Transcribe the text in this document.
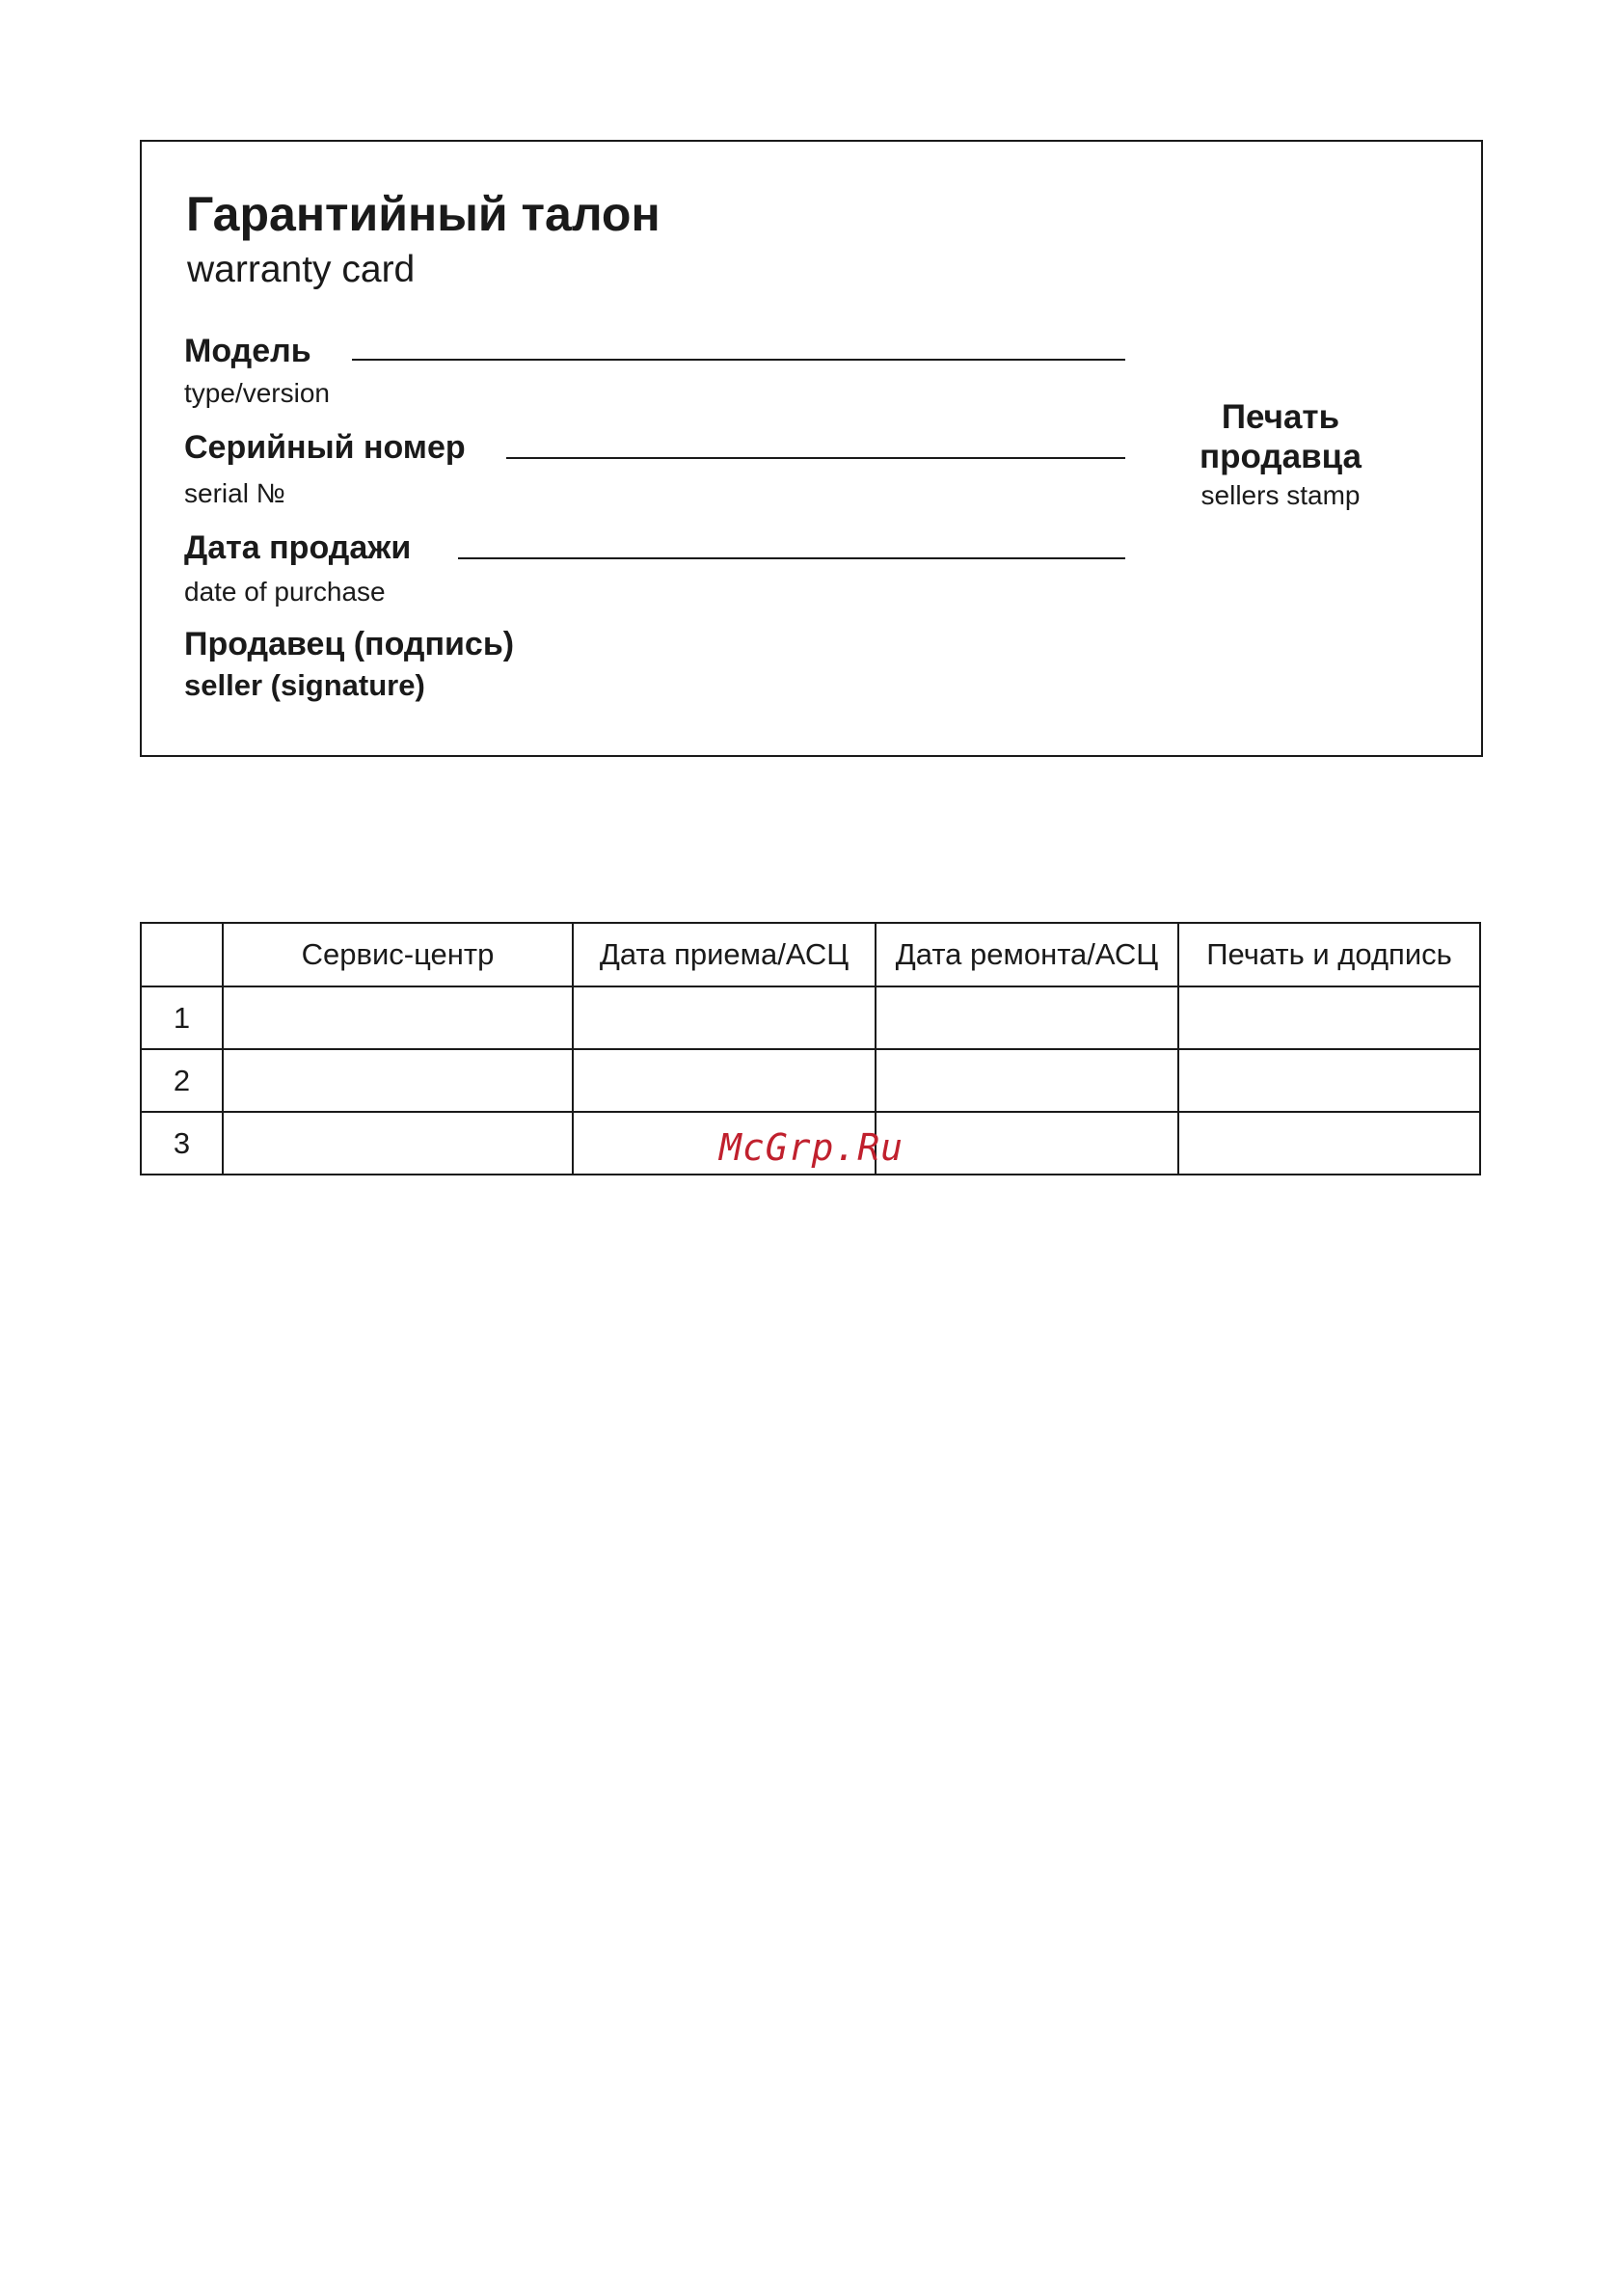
Гарантийный талон
warranty card
Модель
type/version
Серийный номер
serial №
Дата продажи
date of purchase
Продавец (подпись)
seller (signature)
Печать
продавца
sellers stamp
	Сервис-центр	Дата приема/АСЦ	Дата ремонта/АСЦ	Печать и додпись
1				
2				
3					McGrp.Ru
